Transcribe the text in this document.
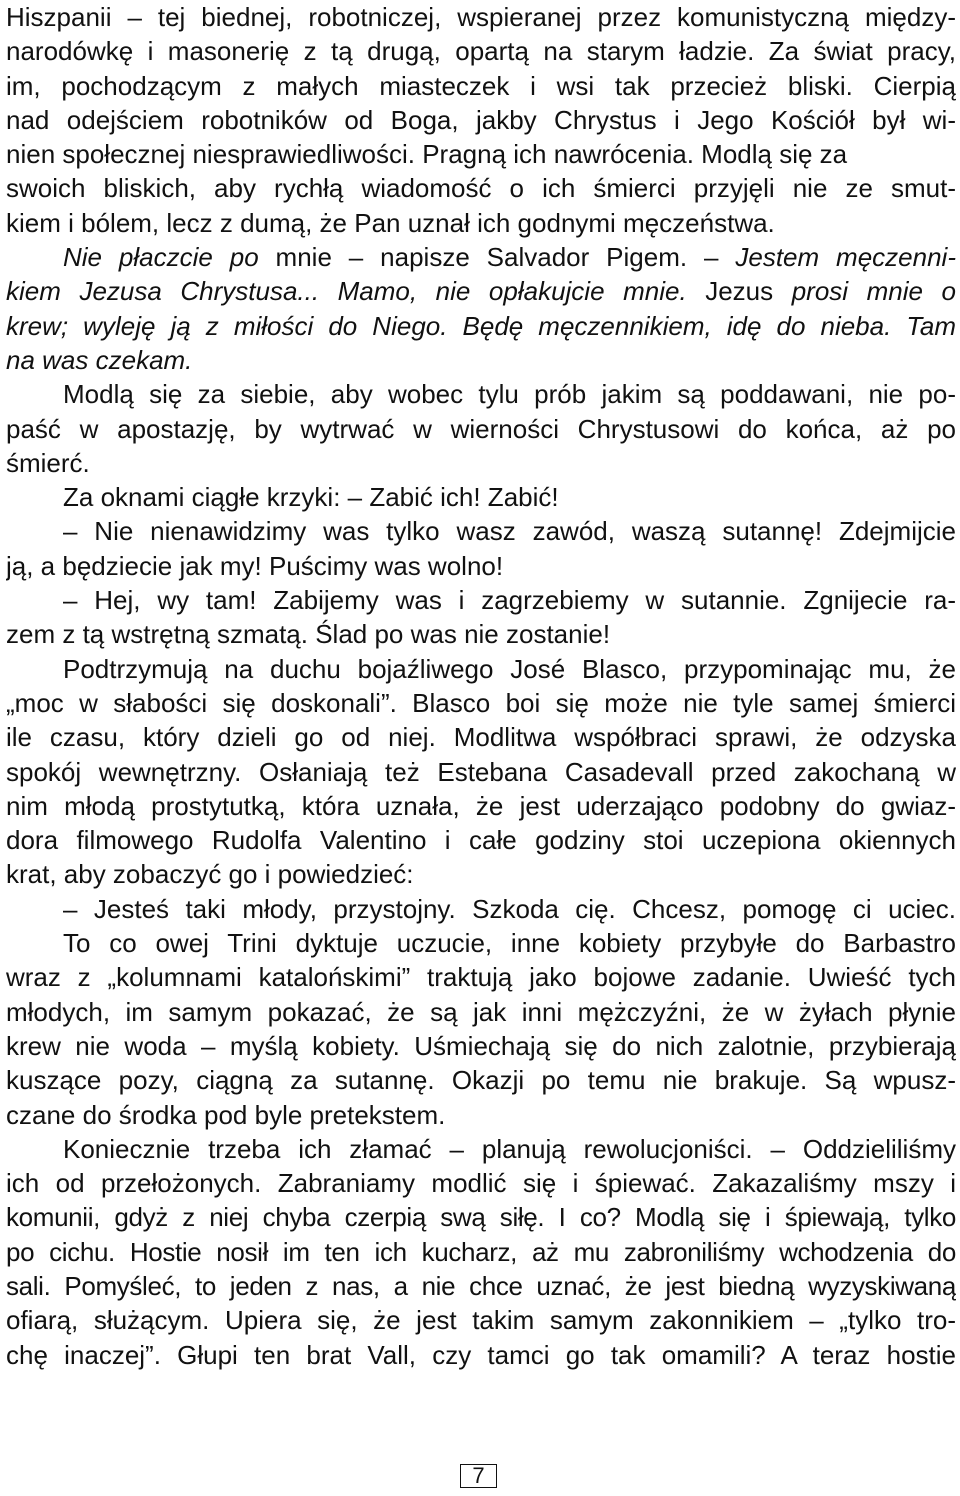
Hiszpanii – tej biednej, robotniczej, wspieranej przez komunistyczną między-
narodówkę i masonerię z tą drugą, opartą na starym ładzie. Za świat pracy,
im, pochodzącym z małych miasteczek i wsi tak przecież bliski. Cierpią
nad odejściem robotników od Boga, jakby Chrystus i Jego Kościół był wi-
nien społecznej niesprawiedliwości. Pragną ich nawrócenia. Modlą się za
swoich bliskich, aby rychłą wiadomość o ich śmierci przyjęli nie ze smut-
kiem i bólem, lecz z dumą, że Pan uznał ich godnymi męczeństwa.
Nie płaczcie po mnie – napisze Salvador Pigem. – Jestem męczenni-
kiem Jezusa Chrystusa... Mamo, nie opłakujcie mnie. Jezus prosi mnie o
krew; wyleję ją z miłości do Niego. Będę męczennikiem, idę do nieba. Tam
na was czekam.
Modlą się za siebie, aby wobec tylu prób jakim są poddawani, nie po-
paść w apostazję, by wytrwać w wierności Chrystusowi do końca, aż po
śmierć.
Za oknami ciągłe krzyki: – Zabić ich! Zabić!
– Nie nienawidzimy was tylko wasz zawód, waszą sutannę! Zdejmijcie
ją, a będziecie jak my! Puścimy was wolno!
– Hej, wy tam! Zabijemy was i zagrzebiemy w sutannie. Zgnijecie ra-
zem z tą wstrętną szmatą. Ślad po was nie zostanie!
Podtrzymują na duchu bojaźliwego José Blasco, przypominając mu, że
„moc w słabości się doskonali”. Blasco boi się może nie tyle samej śmierci
ile czasu, który dzieli go od niej. Modlitwa współbraci sprawi, że odzyska
spokój wewnętrzny. Osłaniają też Estebana Casadevall przed zakochaną w
nim młodą prostytutką, która uznała, że jest uderzająco podobny do gwiaz-
dora filmowego Rudolfa Valentino i całe godziny stoi uczepiona okiennych
krat, aby zobaczyć go i powiedzieć:
– Jesteś taki młody, przystojny. Szkoda cię. Chcesz, pomogę ci uciec.
To co owej Trini dyktuje uczucie, inne kobiety przybyłe do Barbastro
wraz z „kolumnami katalońskimi” traktują jako bojowe zadanie. Uwieść tych
młodych, im samym pokazać, że są jak inni mężczyźni, że w żyłach płynie
krew nie woda – myślą kobiety. Uśmiechają się do nich zalotnie, przybierają
kuszące pozy, ciągną za sutannę. Okazji po temu nie brakuje. Są wpusz-
czane do środka pod byle pretekstem.
Koniecznie trzeba ich złamać – planują rewolucjoniści. – Oddzieliliśmy
ich od przełożonych. Zabraniamy modlić się i śpiewać. Zakazaliśmy mszy i
komunii, gdyż z niej chyba czerpią swą siłę. I co? Modlą się i śpiewają, tylko
po cichu. Hostie nosił im ten ich kucharz, aż mu zabroniliśmy wchodzenia do
sali. Pomyśleć, to jeden z nas, a nie chce uznać, że jest biedną wyzyskiwaną
ofiarą, służącym. Upiera się, że jest takim samym zakonnikiem – „tylko tro-
chę inaczej”. Głupi ten brat Vall, czy tamci go tak omamili? A teraz hostie
7
